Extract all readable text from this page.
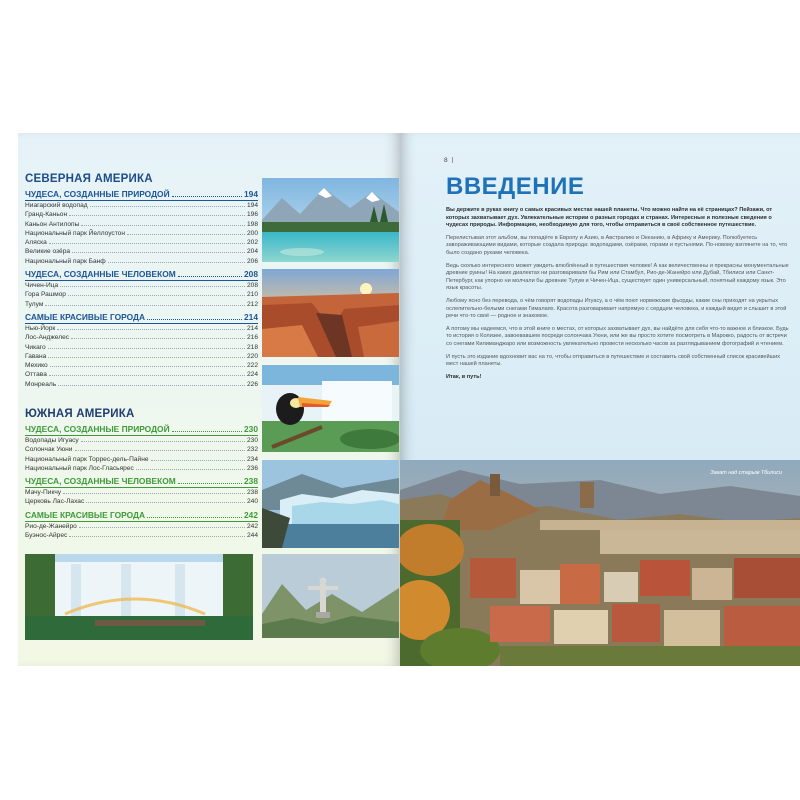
СЕВЕРНАЯ АМЕРИКА
ЧУДЕСА, СОЗДАННЫЕ ПРИРОДОЙ	194
Ниагарский водопад	194
Гранд-Каньон	196
Каньон Антилопы	198
Национальный парк Йеллоустон	200
Аляска	202
Великие озёра	204
Национальный парк Банф	206
ЧУДЕСА, СОЗДАННЫЕ ЧЕЛОВЕКОМ	208
Чичен-Ица	208
Гора Рашмор	210
Тулум	212
САМЫЕ КРАСИВЫЕ ГОРОДА	214
Нью-Йорк	214
Лос-Анджелес	216
Чикаго	218
Гавана	220
Мехико	222
Оттава	224
Монреаль	226
ЮЖНАЯ АМЕРИКА
ЧУДЕСА, СОЗДАННЫЕ ПРИРОДОЙ	230
Водопады Игуасу	230
Солончак Уюни	232
Национальный парк Торрес-дель-Пайне	234
Национальный парк Лос-Гласьярес	236
ЧУДЕСА, СОЗДАННЫЕ ЧЕЛОВЕКОМ	238
Мачу-Пикчу	238
Церковь Лас-Лахас	240
САМЫЕ КРАСИВЫЕ ГОРОДА	242
Рио-де-Жанейро	242
Буэнос-Айрес	244
8
ВВЕДЕНИЕ

Вы держите в руках книгу о самых красивых местах нашей планеты. Что можно найти на её страницах? Пейзажи, от которых захватывает дух. Увлекательные истории о разных городах и странах. Интересные и полезные сведения о чудесах природы. Информацию, необходимую для того, чтобы отправиться в своё собственное путешествие.

Перелистывая этот альбом, вы попадёте в Европу и Азию, в Австралию и Океанию, в Африку и Америку. Полюбуетесь завораживающими видами, которые создала природа: водопадами, озёрами, горами и пустынями. По-новому взглянете на то, что было создано руками человека.

Ведь сколько интересного может увидеть влюблённый в путешествия человек! А как величественны и прекрасны монументальные древние руины! На каких диалектах ни разговаривали бы Рим или Стамбул, Рио-де-Жанейро или Дубай, Тбилиси или Санкт-Петербург, как упорно ни молчали бы древние Тулум и Чичен-Ица, существует один универсальный, понятный каждому язык. Это язык красоты.

Любому ясно без перевода, о чём говорят водопады Игуасу, а о чём поют норвежские фьорды, какие сны приходят на укрытых ослепительно-белыми снегами Гималаях. Красота разговаривает напрямую с сердцем человека, и каждый видит и слышит в этой речи что-то своё — родное и знакомое.

А потому мы надеемся, что в этой книге о местах, от которых захватывает дух, вы найдёте для себя что-то важное и близкое. Будь то история о Колизее, завоевавшем посреди солончака Уюни, или же вы просто хотите посмотреть в Марокко, радость от встречи со снегами Килиманджаро или возможность увлекательно провести несколько часов за разглядыванием фотографий и чтением.

И пусть это издание вдохновит вас на то, чтобы отправиться в путешествие и составить свой собственный список красивейших мест нашей планеты.

Итак, в путь!

Закат над старым Тбилиси
